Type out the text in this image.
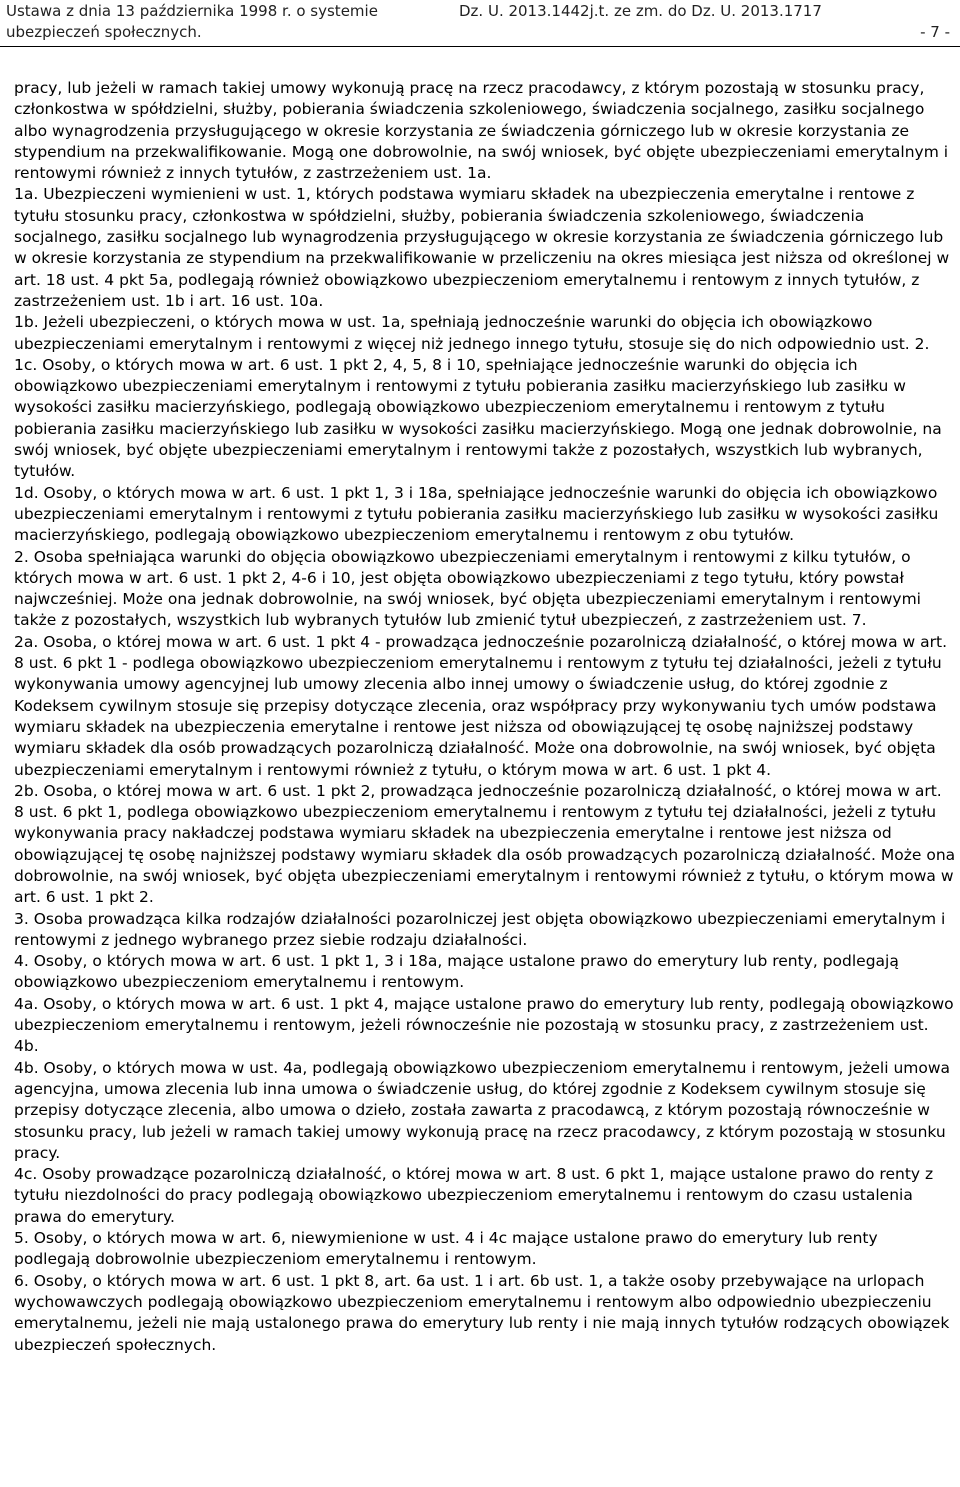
Ustawa z dnia 13 października 1998 r. o systemie
ubezpieczeń społecznych.
Dz. U. 2013.1442j.t. ze zm. do Dz. U. 2013.1717
- 7 -

pracy, lub jeżeli w ramach takiej umowy wykonują pracę na rzecz pracodawcy, z którym pozostają w stosunku pracy, członkostwa w spółdzielni, służby, pobierania świadczenia szkoleniowego, świadczenia socjalnego, zasiłku socjalnego albo wynagrodzenia przysługującego w okresie korzystania ze świadczenia górniczego lub w okresie korzystania ze stypendium na przekwalifikowanie. Mogą one dobrowolnie, na swój wniosek, być objęte ubezpieczeniami emerytalnym i rentowymi również z innych tytułów, z zastrzeżeniem ust. 1a.

1a. Ubezpieczeni wymienieni w ust. 1, których podstawa wymiaru składek na ubezpieczenia emerytalne i rentowe z tytułu stosunku pracy, członkostwa w spółdzielni, służby, pobierania świadczenia szkoleniowego, świadczenia socjalnego, zasiłku socjalnego lub wynagrodzenia przysługującego w okresie korzystania ze świadczenia górniczego lub w okresie korzystania ze stypendium na przekwalifikowanie w przeliczeniu na okres miesiąca jest niższa od określonej w art. 18 ust. 4 pkt 5a, podlegają również obowiązkowo ubezpieczeniom emerytalnemu i rentowym z innych tytułów, z zastrzeżeniem ust. 1b i art. 16 ust. 10a.

1b. Jeżeli ubezpieczeni, o których mowa w ust. 1a, spełniają jednocześnie warunki do objęcia ich obowiązkowo ubezpieczeniami emerytalnym i rentowymi z więcej niż jednego innego tytułu, stosuje się do nich odpowiednio ust. 2.

1c. Osoby, o których mowa w art. 6 ust. 1 pkt 2, 4, 5, 8 i 10, spełniające jednocześnie warunki do objęcia ich obowiązkowo ubezpieczeniami emerytalnym i rentowymi z tytułu pobierania zasiłku macierzyńskiego lub zasiłku w wysokości zasiłku macierzyńskiego, podlegają obowiązkowo ubezpieczeniom emerytalnemu i rentowym z tytułu pobierania zasiłku macierzyńskiego lub zasiłku w wysokości zasiłku macierzyńskiego. Mogą one jednak dobrowolnie, na swój wniosek, być objęte ubezpieczeniami emerytalnym i rentowymi także z pozostałych, wszystkich lub wybranych, tytułów.

1d. Osoby, o których mowa w art. 6 ust. 1 pkt 1, 3 i 18a, spełniające jednocześnie warunki do objęcia ich obowiązkowo ubezpieczeniami emerytalnym i rentowymi z tytułu pobierania zasiłku macierzyńskiego lub zasiłku w wysokości zasiłku macierzyńskiego, podlegają obowiązkowo ubezpieczeniom emerytalnemu i rentowym z obu tytułów.

2. Osoba spełniająca warunki do objęcia obowiązkowo ubezpieczeniami emerytalnym i rentowymi z kilku tytułów, o których mowa w art. 6 ust. 1 pkt 2, 4-6 i 10, jest objęta obowiązkowo ubezpieczeniami z tego tytułu, który powstał najwcześniej. Może ona jednak dobrowolnie, na swój wniosek, być objęta ubezpieczeniami emerytalnym i rentowymi także z pozostałych, wszystkich lub wybranych tytułów lub zmienić tytuł ubezpieczeń, z zastrzeżeniem ust. 7.

2a. Osoba, o której mowa w art. 6 ust. 1 pkt 4 - prowadząca jednocześnie pozarolniczą działalność, o której mowa w art. 8 ust. 6 pkt 1 - podlega obowiązkowo ubezpieczeniom emerytalnemu i rentowym z tytułu tej działalności, jeżeli z tytułu wykonywania umowy agencyjnej lub umowy zlecenia albo innej umowy o świadczenie usług, do której zgodnie z Kodeksem cywilnym stosuje się przepisy dotyczące zlecenia, oraz współpracy przy wykonywaniu tych umów podstawa wymiaru składek na ubezpieczenia emerytalne i rentowe jest niższa od obowiązującej tę osobę najniższej podstawy wymiaru składek dla osób prowadzących pozarolniczą działalność. Może ona dobrowolnie, na swój wniosek, być objęta ubezpieczeniami emerytalnym i rentowymi również z tytułu, o którym mowa w art. 6 ust. 1 pkt 4.

2b. Osoba, o której mowa w art. 6 ust. 1 pkt 2, prowadząca jednocześnie pozarolniczą działalność, o której mowa w art. 8 ust. 6 pkt 1, podlega obowiązkowo ubezpieczeniom emerytalnemu i rentowym z tytułu tej działalności, jeżeli z tytułu wykonywania pracy nakładczej podstawa wymiaru składek na ubezpieczenia emerytalne i rentowe jest niższa od obowiązującej tę osobę najniższej podstawy wymiaru składek dla osób prowadzących pozarolniczą działalność. Może ona dobrowolnie, na swój wniosek, być objęta ubezpieczeniami emerytalnym i rentowymi również z tytułu, o którym mowa w art. 6 ust. 1 pkt 2.

3. Osoba prowadząca kilka rodzajów działalności pozarolniczej jest objęta obowiązkowo ubezpieczeniami emerytalnym i rentowymi z jednego wybranego przez siebie rodzaju działalności.

4. Osoby, o których mowa w art. 6 ust. 1 pkt 1, 3 i 18a, mające ustalone prawo do emerytury lub renty, podlegają obowiązkowo ubezpieczeniom emerytalnemu i rentowym.

4a. Osoby, o których mowa w art. 6 ust. 1 pkt 4, mające ustalone prawo do emerytury lub renty, podlegają obowiązkowo ubezpieczeniom emerytalnemu i rentowym, jeżeli równocześnie nie pozostają w stosunku pracy, z zastrzeżeniem ust. 4b.

4b. Osoby, o których mowa w ust. 4a, podlegają obowiązkowo ubezpieczeniom emerytalnemu i rentowym, jeżeli umowa agencyjna, umowa zlecenia lub inna umowa o świadczenie usług, do której zgodnie z Kodeksem cywilnym stosuje się przepisy dotyczące zlecenia, albo umowa o dzieło, została zawarta z pracodawcą, z którym pozostają równocześnie w stosunku pracy, lub jeżeli w ramach takiej umowy wykonują pracę na rzecz pracodawcy, z którym pozostają w stosunku pracy.

4c. Osoby prowadzące pozarolniczą działalność, o której mowa w art. 8 ust. 6 pkt 1, mające ustalone prawo do renty z tytułu niezdolności do pracy podlegają obowiązkowo ubezpieczeniom emerytalnemu i rentowym do czasu ustalenia prawa do emerytury.

5. Osoby, o których mowa w art. 6, niewymienione w ust. 4 i 4c mające ustalone prawo do emerytury lub renty podlegają dobrowolnie ubezpieczeniom emerytalnemu i rentowym.

6. Osoby, o których mowa w art. 6 ust. 1 pkt 8, art. 6a ust. 1 i art. 6b ust. 1, a także osoby przebywające na urlopach wychowawczych podlegają obowiązkowo ubezpieczeniom emerytalnemu i rentowym albo odpowiednio ubezpieczeniu emerytalnemu, jeżeli nie mają ustalonego prawa do emerytury lub renty i nie mają innych tytułów rodzących obowiązek ubezpieczeń społecznych.
